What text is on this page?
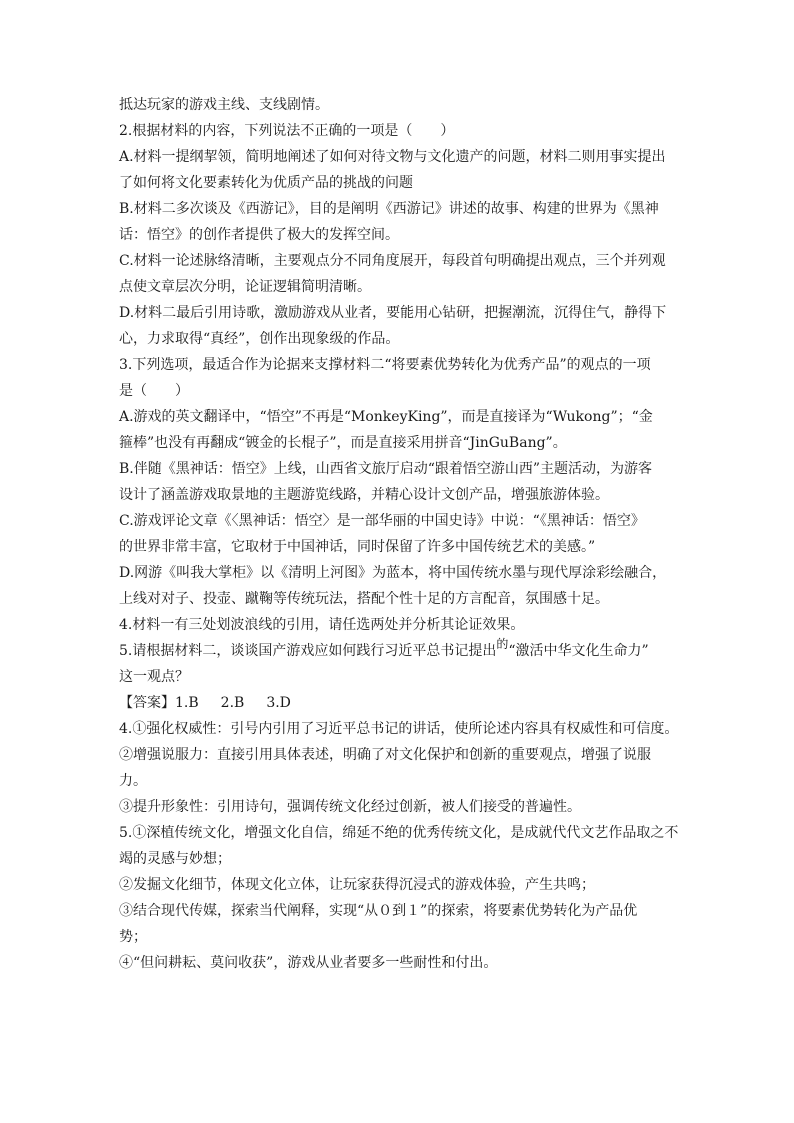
抵达玩家的游戏主线、支线剧情。
2.根据材料的内容，下列说法不正确的一项是（　　）
A.材料一提纲挈领，简明地阐述了如何对待文物与文化遗产的问题，材料二则用事实提出
了如何将文化要素转化为优质产品的挑战的问题
B.材料二多次谈及《西游记》，目的是阐明《西游记》讲述的故事、构建的世界为《黑神
话：悟空》的创作者提供了极大的发挥空间。
C.材料一论述脉络清晰，主要观点分不同角度展开，每段首句明确提出观点，三个并列观
点使文章层次分明，论证逻辑简明清晰。
D.材料二最后引用诗歌，激励游戏从业者，要能用心钻研，把握潮流，沉得住气，静得下
心，力求取得“真经”，创作出现象级的作品。
3.下列选项，最适合作为论据来支撑材料二“将要素优势转化为优秀产品”的观点的一项
是（　　）
A.游戏的英文翻译中，“悟空”不再是“MonkeyKing”，而是直接译为“Wukong”；“金
箍棒”也没有再翻成“镀金的长棍子”，而是直接采用拼音“JinGuBang”。
B.伴随《黑神话：悟空》上线，山西省文旅厅启动“跟着悟空游山西”主题活动，为游客
设计了涵盖游戏取景地的主题游览线路，并精心设计文创产品，增强旅游体验。
C.游戏评论文章《〈黑神话：悟空〉是一部华丽的中国史诗》中说：“《黑神话：悟空》
的世界非常丰富，它取材于中国神话，同时保留了许多中国传统艺术的美感。”
D.网游《叫我大掌柜》以《清明上河图》为蓝本，将中国传统水墨与现代厚涂彩绘融合，
上线对对子、投壶、蹴鞠等传统玩法，搭配个性十足的方言配音，氛围感十足。
4.材料一有三处划波浪线的引用，请任选两处并分析其论证效果。
5.请根据材料二，谈谈国产游戏应如何践行习近平总书记提出的“激活中华文化生命力”
这一观点？
【答案】1.B 2.B 3.D
4.①强化权威性：引号内引用了习近平总书记的讲话，使所论述内容具有权威性和可信度。
②增强说服力：直接引用具体表述，明确了对文化保护和创新的重要观点，增强了说服
力。
③提升形象性：引用诗句，强调传统文化经过创新，被人们接受的普遍性。
5.①深植传统文化，增强文化自信，绵延不绝的优秀传统文化，是成就代代文艺作品取之不
竭的灵感与妙想；
②发掘文化细节，体现文化立体，让玩家获得沉浸式的游戏体验，产生共鸣；
③结合现代传媒，探索当代阐释，实现“从０到１”的探索，将要素优势转化为产品优
势；
④“但问耕耘、莫问收获”，游戏从业者要多一些耐性和付出。
